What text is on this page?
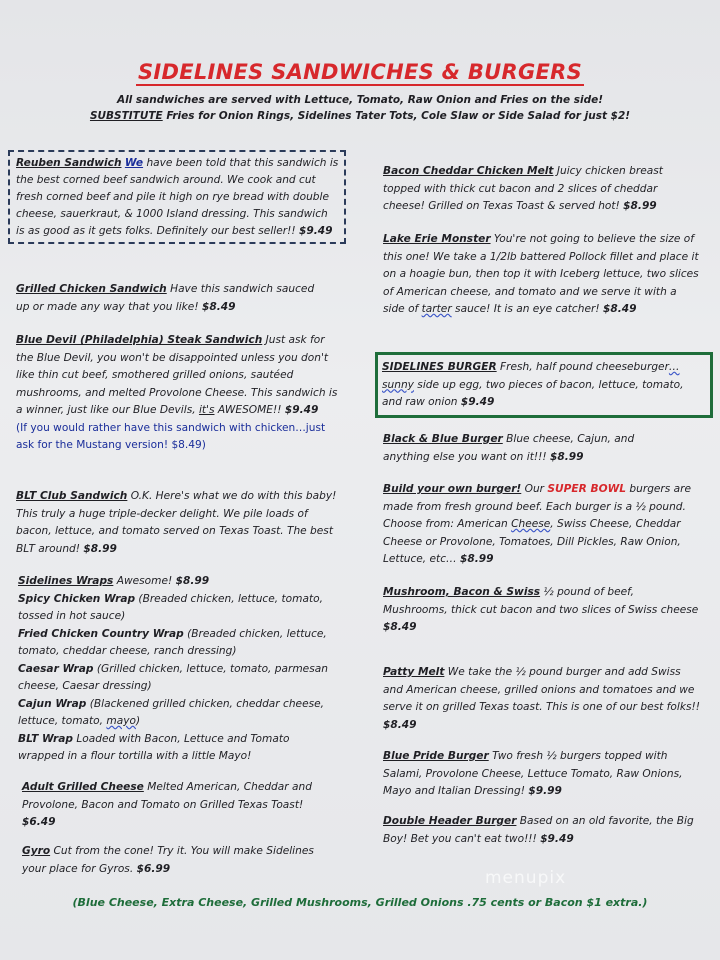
SIDELINES SANDWICHES & BURGERS
All sandwiches are served with Lettuce, Tomato, Raw Onion and Fries on the side!
SUBSTITUTE Fries for Onion Rings, Sidelines Tater Tots, Cole Slaw or Side Salad for just $2!
Reuben Sandwich We have been told that this sandwich is the best corned beef sandwich around. We cook and cut fresh corned beef and pile it high on rye bread with double cheese, sauerkraut, & 1000 Island dressing. This sandwich is as good as it gets folks. Definitely our best seller!! $9.49
Grilled Chicken Sandwich Have this sandwich sauced up or made any way that you like! $8.49
Blue Devil (Philadelphia) Steak Sandwich Just ask for the Blue Devil, you won't be disappointed unless you don't like thin cut beef, smothered grilled onions, sautéed mushrooms, and melted Provolone Cheese. This sandwich is a winner, just like our Blue Devils, it's AWESOME!! $9.49
(If you would rather have this sandwich with chicken…just ask for the Mustang version! $8.49)
BLT Club Sandwich O.K. Here's what we do with this baby! This truly a huge triple-decker delight. We pile loads of bacon, lettuce, and tomato served on Texas Toast. The best BLT around! $8.99
Sidelines Wraps Awesome! $8.99
Spicy Chicken Wrap (Breaded chicken, lettuce, tomato, tossed in hot sauce)
Fried Chicken Country Wrap (Breaded chicken, lettuce, tomato, cheddar cheese, ranch dressing)
Caesar Wrap (Grilled chicken, lettuce, tomato, parmesan cheese, Caesar dressing)
Cajun Wrap (Blackened grilled chicken, cheddar cheese, lettuce, tomato, mayo)
BLT Wrap Loaded with Bacon, Lettuce and Tomato wrapped in a flour tortilla with a little Mayo!
Adult Grilled Cheese Melted American, Cheddar and Provolone, Bacon and Tomato on Grilled Texas Toast! $6.49
Gyro Cut from the cone! Try it. You will make Sidelines your place for Gyros. $6.99
Bacon Cheddar Chicken Melt Juicy chicken breast topped with thick cut bacon and 2 slices of cheddar cheese! Grilled on Texas Toast & served hot! $8.99
Lake Erie Monster You're not going to believe the size of this one! We take a 1/2lb battered Pollock fillet and place it on a hoagie bun, then top it with Iceberg lettuce, two slices of American cheese, and tomato and we serve it with a side of tarter sauce! It is an eye catcher! $8.49
SIDELINES BURGER Fresh, half pound cheeseburger…sunny side up egg, two pieces of bacon, lettuce, tomato, and raw onion $9.49
Black & Blue Burger Blue cheese, Cajun, and anything else you want on it!!! $8.99
Build your own burger! Our SUPER BOWL burgers are made from fresh ground beef. Each burger is a ½ pound. Choose from: American Cheese, Swiss Cheese, Cheddar Cheese or Provolone, Tomatoes, Dill Pickles, Raw Onion, Lettuce, etc… $8.99
Mushroom, Bacon & Swiss ½ pound of beef, Mushrooms, thick cut bacon and two slices of Swiss cheese $8.49
Patty Melt We take the ½ pound burger and add Swiss and American cheese, grilled onions and tomatoes and we serve it on grilled Texas toast. This is one of our best folks!! $8.49
Blue Pride Burger Two fresh ½ burgers topped with Salami, Provolone Cheese, Lettuce Tomato, Raw Onions, Mayo and Italian Dressing! $9.99
Double Header Burger Based on an old favorite, the Big Boy! Bet you can't eat two!!! $9.49
menupix
(Blue Cheese, Extra Cheese, Grilled Mushrooms, Grilled Onions .75 cents or Bacon $1 extra.)
